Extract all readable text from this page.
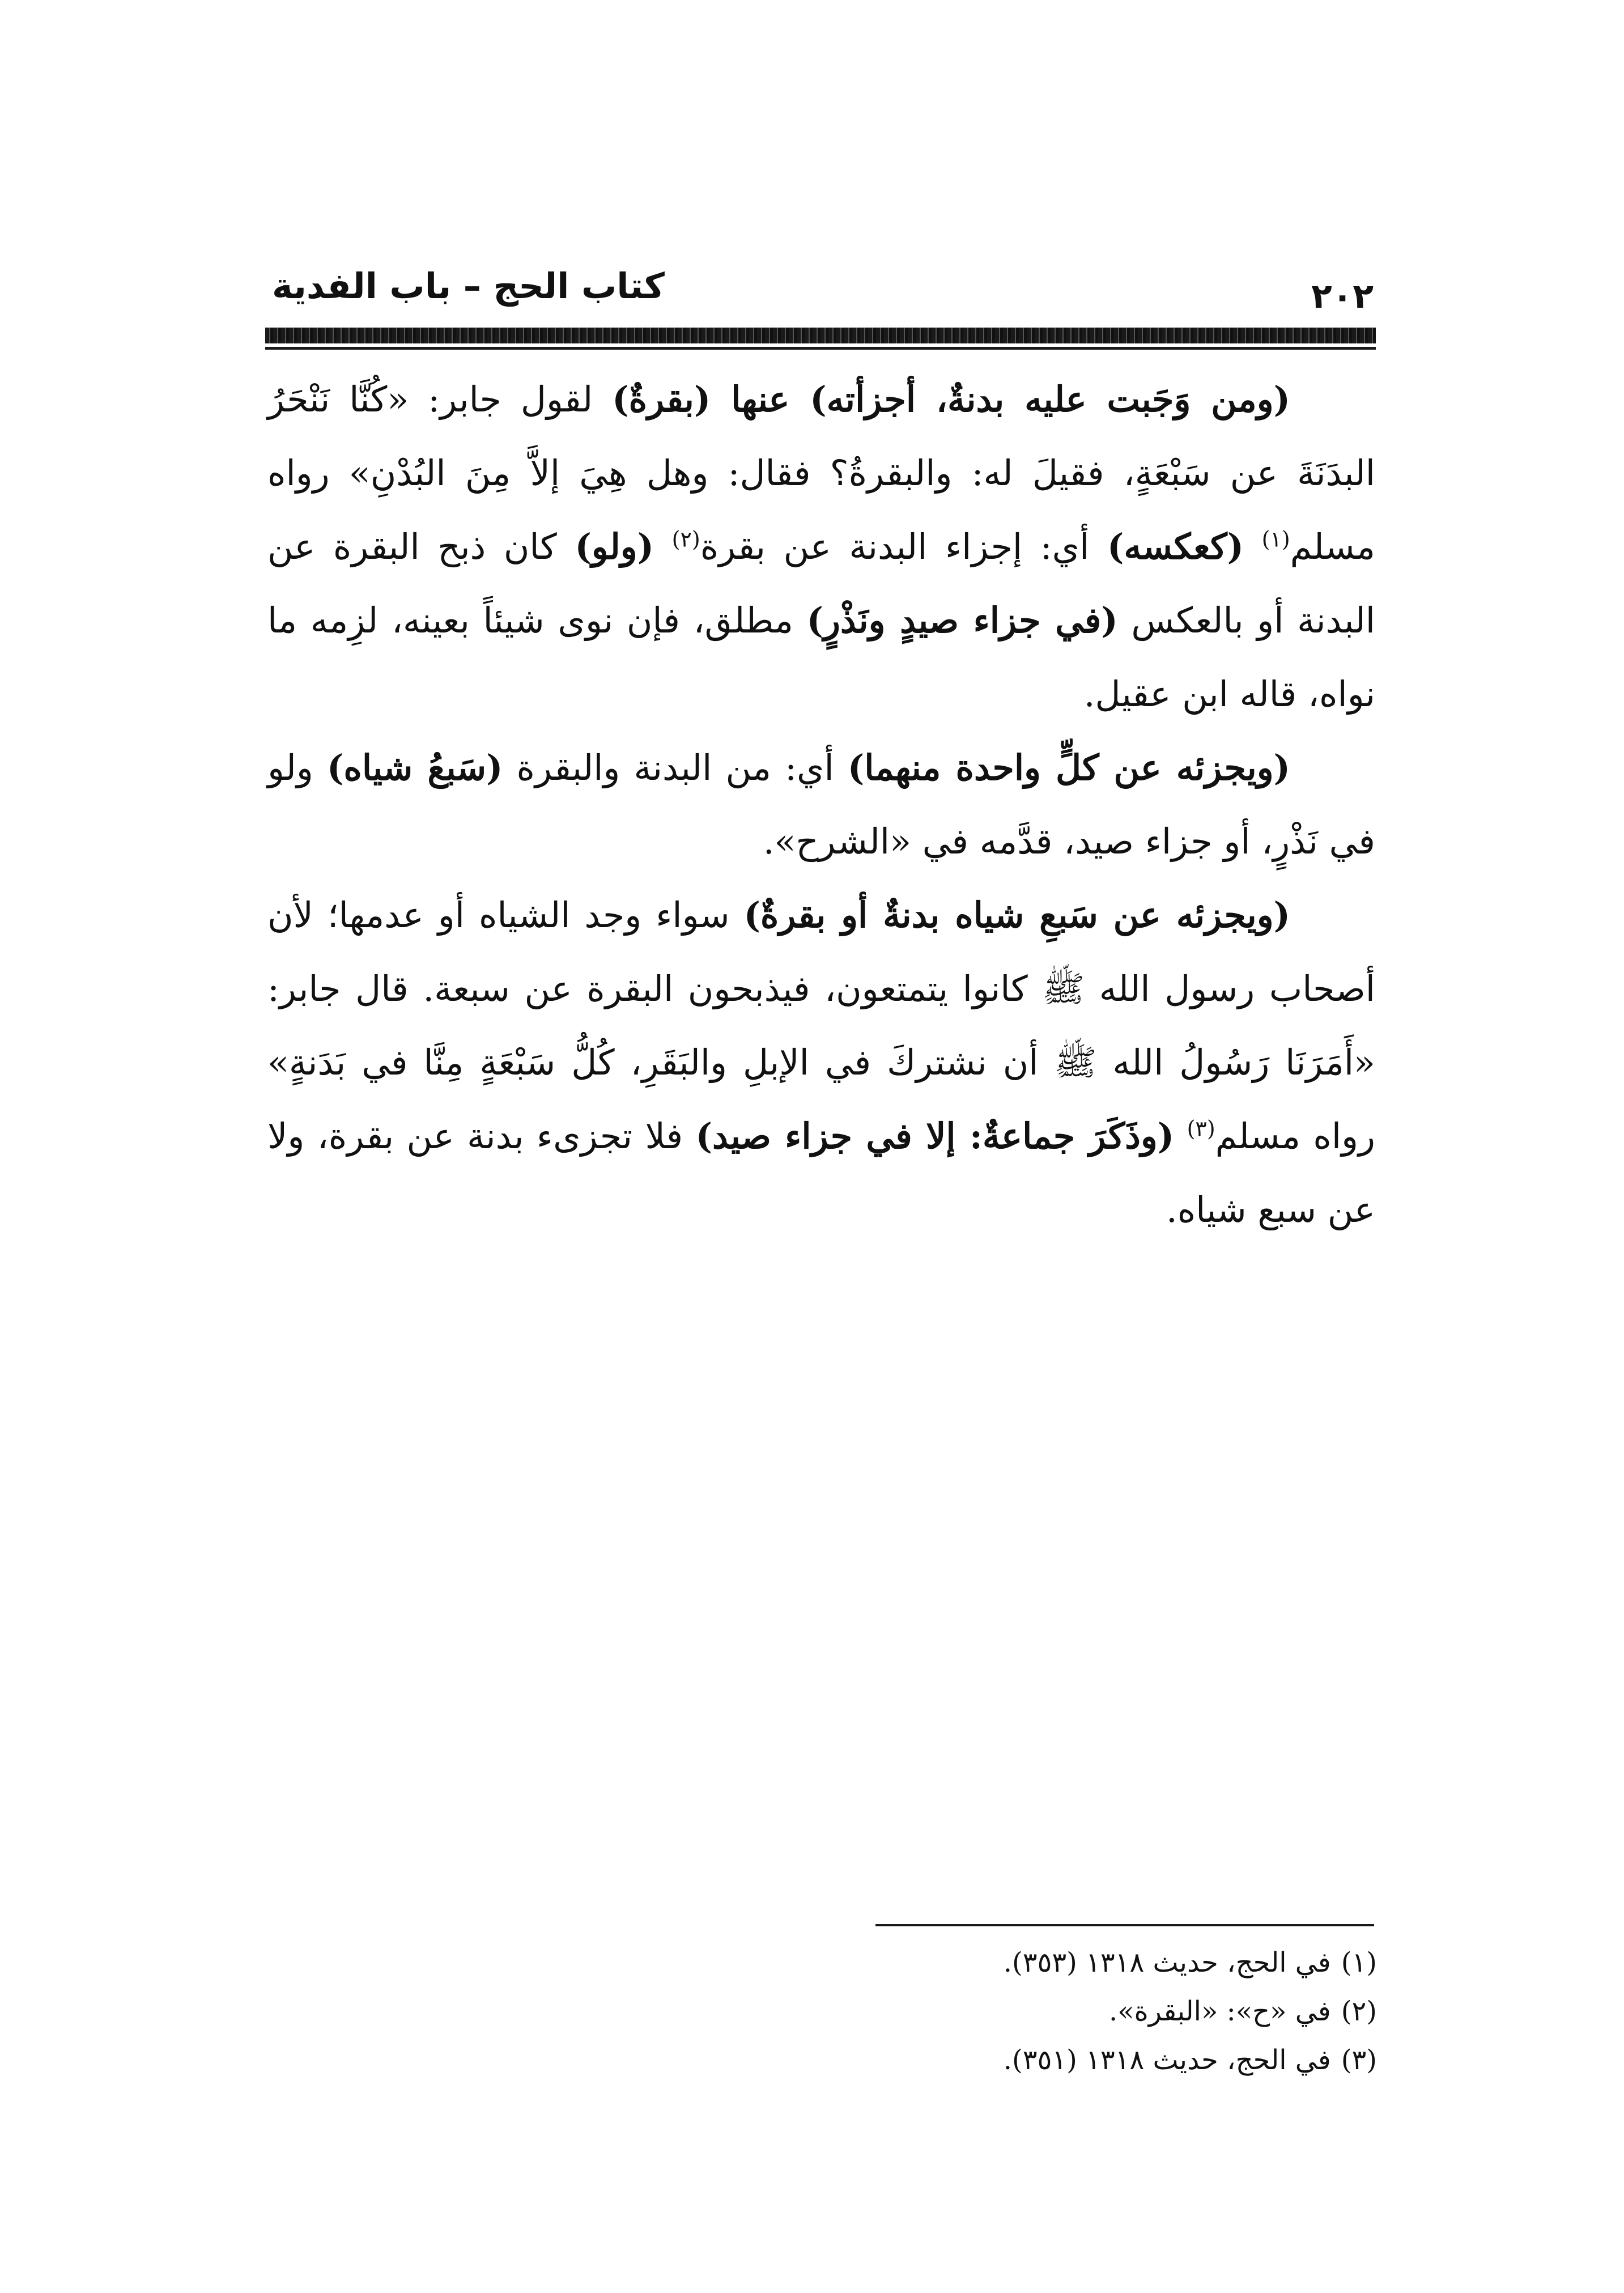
كتاب الحج – باب الفدية	٢٠٢

(ومن وَجَبت عليه بدنةٌ، أجزأته) عنها (بقرةٌ) لقول جابر: «كُنَّا نَنْحَرُ البدَنَةَ عن سَبْعَةٍ، فقيلَ له: والبقرةُ؟ فقال: وهل هِيَ إلاَّ مِنَ البُدْنِ» رواه مسلم$^{(١)}$ (كعكسه) أي: إجزاء البدنة عن بقرة$^{(٢)}$ (ولو) كان ذبح البقرة عن البدنة أو بالعكس (في جزاء صيدٍ ونَذْرٍ) مطلق، فإن نوى شيئاً بعينه، لزِمه ما نواه، قاله ابن عقيل.

(ويجزئه عن كلٍّ واحدة منهما) أي: من البدنة والبقرة (سَبعُ شياه) ولو في نَذْرٍ، أو جزاء صيد، قدَّمه في «الشرح».

(ويجزئه عن سَبعِ شياه بدنةٌ أو بقرةٌ) سواء وجد الشياه أو عدمها؛ لأن أصحاب رسول الله ﷺ كانوا يتمتعون، فيذبحون البقرة عن سبعة. قال جابر: «أَمَرَنَا رَسُولُ الله ﷺ أن نشتركَ في الإبلِ والبَقَرِ، كُلُّ سَبْعَةٍ مِنَّا في بَدَنةٍ» رواه مسلم$^{(٣)}$ (وذَكَرَ جماعةٌ: إلا في جزاء صيد) فلا تجزىء بدنة عن بقرة، ولا عن سبع شياه.

(١)في الحج، حديث ١٣١٨ (٣٥٣).

(٢)في «ح»: «البقرة».

(٣)في الحج، حديث ١٣١٨ (٣٥١).
